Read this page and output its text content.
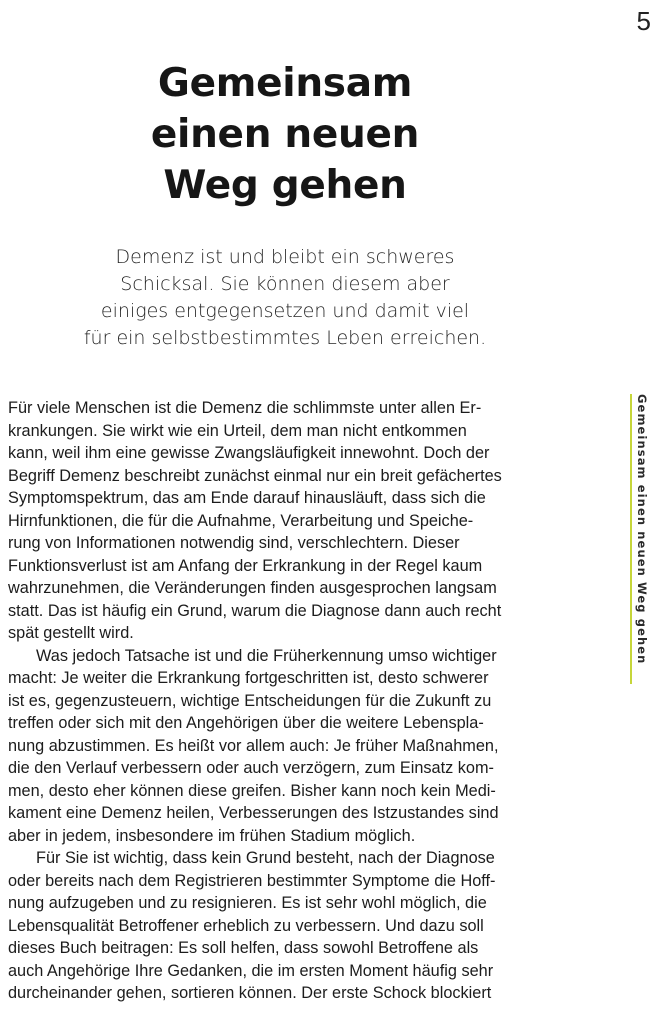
5
Gemeinsam
einen neuen
Weg gehen
Demenz ist und bleibt ein schweres
Schicksal. Sie können diesem aber
einiges entgegensetzen und damit viel
für ein selbstbestimmtes Leben erreichen.
Für viele Menschen ist die Demenz die schlimmste unter allen Er-
krankungen. Sie wirkt wie ein Urteil, dem man nicht entkommen
kann, weil ihm eine gewisse Zwangsläufigkeit innewohnt. Doch der
Begriff Demenz beschreibt zunächst einmal nur ein breit gefächertes
Symptomspektrum, das am Ende darauf hinausläuft, dass sich die
Hirnfunktionen, die für die Aufnahme, Verarbeitung und Speiche-
rung von Informationen notwendig sind, verschlechtern. Dieser
Funktionsverlust ist am Anfang der Erkrankung in der Regel kaum
wahrzunehmen, die Veränderungen finden ausgesprochen langsam
statt. Das ist häufig ein Grund, warum die Diagnose dann auch recht
spät gestellt wird.
Was jedoch Tatsache ist und die Früherkennung umso wichtiger
macht: Je weiter die Erkrankung fortgeschritten ist, desto schwerer
ist es, gegenzusteuern, wichtige Entscheidungen für die Zukunft zu
treffen oder sich mit den Angehörigen über die weitere Lebenspla-
nung abzustimmen. Es heißt vor allem auch: Je früher Maßnahmen,
die den Verlauf verbessern oder auch verzögern, zum Einsatz kom-
men, desto eher können diese greifen. Bisher kann noch kein Medi-
kament eine Demenz heilen, Verbesserungen des Istzustandes sind
aber in jedem, insbesondere im frühen Stadium möglich.
Für Sie ist wichtig, dass kein Grund besteht, nach der Diagnose
oder bereits nach dem Registrieren bestimmter Symptome die Hoff-
nung aufzugeben und zu resignieren. Es ist sehr wohl möglich, die
Lebensqualität Betroffener erheblich zu verbessern. Und dazu soll
dieses Buch beitragen: Es soll helfen, dass sowohl Betroffene als
auch Angehörige Ihre Gedanken, die im ersten Moment häufig sehr
durcheinander gehen, sortieren können. Der erste Schock blockiert
Gemeinsam einen neuen Weg gehen
